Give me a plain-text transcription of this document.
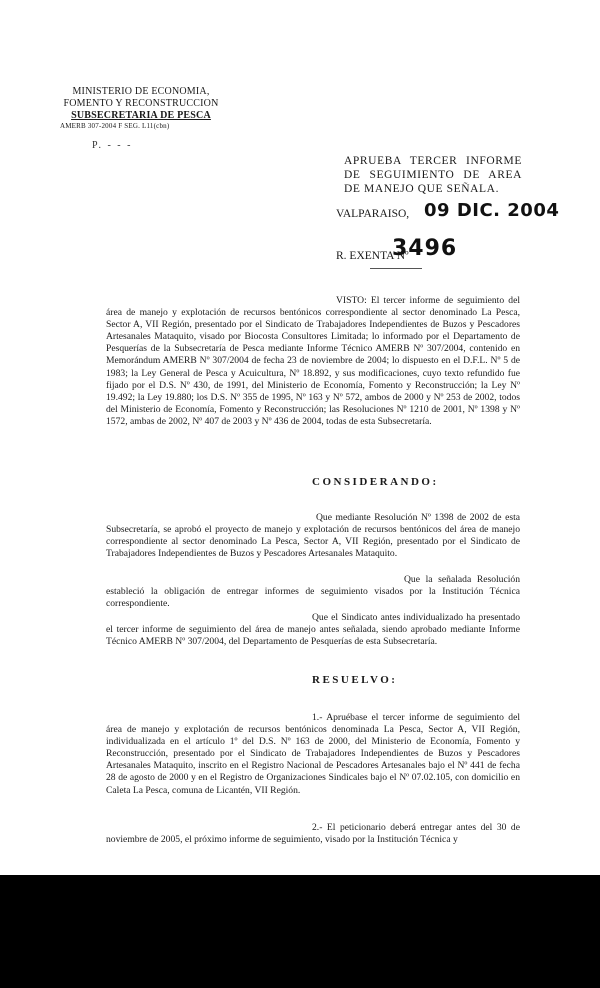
MINISTERIO DE ECONOMIA,
FOMENTO Y RECONSTRUCCION
SUBSECRETARIA DE PESCA
AMERB 307-2004 F SEG. L11(cbn)
P. - - -
APRUEBA TERCER INFORME DE SEGUIMIENTO DE AREA DE MANEJO QUE SEÑALA.
VALPARAISO, 09 DIC. 2004
R. EXENTA Nº
3496
VISTO: El tercer informe de seguimiento del área de manejo y explotación de recursos bentónicos correspondiente al sector denominado La Pesca, Sector A, VII Región, presentado por el Sindicato de Trabajadores Independientes de Buzos y Pescadores Artesanales Mataquito, visado por Biocosta Consultores Limitada; lo informado por el Departamento de Pesquerías de la Subsecretaría de Pesca mediante Informe Técnico AMERB Nº 307/2004, contenido en Memorándum AMERB Nº 307/2004 de fecha 23 de noviembre de 2004; lo dispuesto en el D.F.L. Nº 5 de 1983; la Ley General de Pesca y Acuicultura, Nº 18.892, y sus modificaciones, cuyo texto refundido fue fijado por el D.S. Nº 430, de 1991, del Ministerio de Economía, Fomento y Reconstrucción; la Ley Nº 19.492; la Ley 19.880; los D.S. Nº 355 de 1995, Nº 163 y Nº 572, ambos de 2000 y Nº 253 de 2002, todos del Ministerio de Economía, Fomento y Reconstrucción; las Resoluciones Nº 1210 de 2001, Nº 1398 y Nº 1572, ambas de 2002, Nº 407 de 2003 y Nº 436 de 2004, todas de esta Subsecretaría.
CONSIDERANDO:
Que mediante Resolución Nº 1398 de 2002 de esta Subsecretaría, se aprobó el proyecto de manejo y explotación de recursos bentónicos del área de manejo correspondiente al sector denominado La Pesca, Sector A, VII Región, presentado por el Sindicato de Trabajadores Independientes de Buzos y Pescadores Artesanales Mataquito.
Que la señalada Resolución estableció la obligación de entregar informes de seguimiento visados por la Institución Técnica correspondiente.
Que el Sindicato antes individualizado ha presentado el tercer informe de seguimiento del área de manejo antes señalada, siendo aprobado mediante Informe Técnico AMERB Nº 307/2004, del Departamento de Pesquerías de esta Subsecretaría.
RESUELVO:
1.- Apruébase el tercer informe de seguimiento del área de manejo y explotación de recursos bentónicos denominada La Pesca, Sector A, VII Región, individualizada en el artículo 1º del D.S. Nº 163 de 2000, del Ministerio de Economía, Fomento y Reconstrucción, presentado por el Sindicato de Trabajadores Independientes de Buzos y Pescadores Artesanales Mataquito, inscrito en el Registro Nacional de Pescadores Artesanales bajo el Nº 441 de fecha 28 de agosto de 2000 y en el Registro de Organizaciones Sindicales bajo el Nº 07.02.105, con domicilio en Caleta La Pesca, comuna de Licantén, VII Región.
2.- El peticionario deberá entregar antes del 30 de noviembre de 2005, el próximo informe de seguimiento, visado por la Institución Técnica y
